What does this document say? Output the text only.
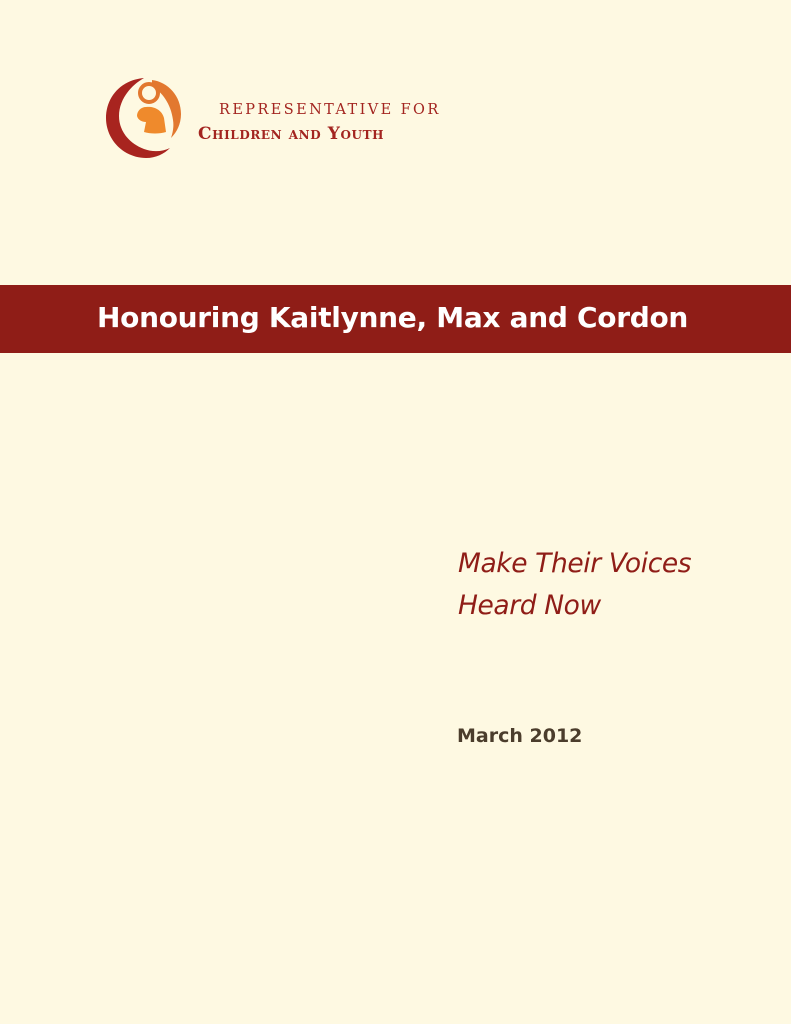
REPRESENTATIVE FOR
Children and Youth
Honouring Kaitlynne, Max and Cordon
Make Their Voices
Heard Now
March 2012
